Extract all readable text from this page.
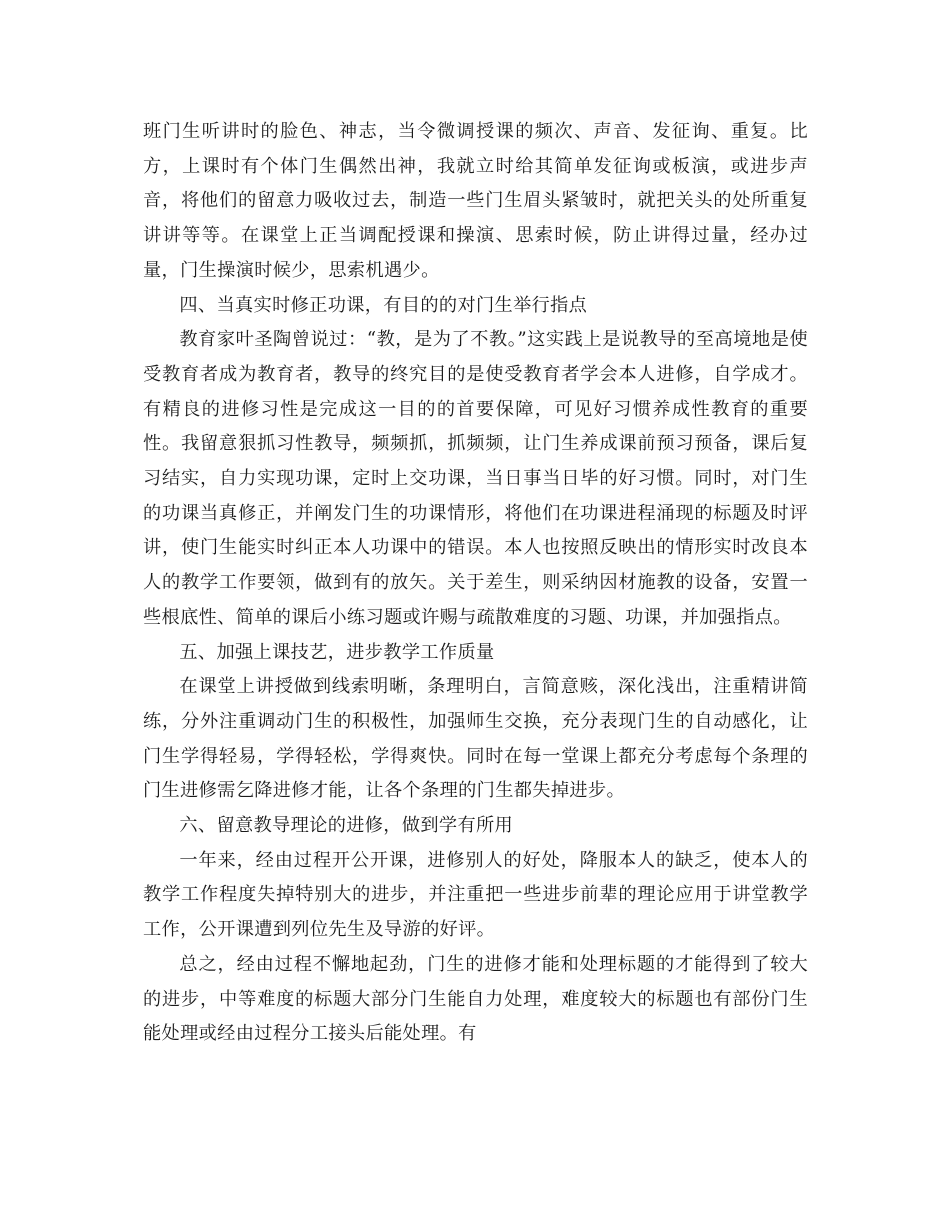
班门生听讲时的脸色、神志，当令微调授课的频次、声音、发征询、重复。比方，上课时有个体门生偶然出神，我就立时给其简单发征询或板演，或进步声音，将他们的留意力吸收过去，制造一些门生眉头紧皱时，就把关头的处所重复讲讲等等。在课堂上正当调配授课和操演、思索时候，防止讲得过量，经办过量，门生操演时候少，思索机遇少。

四、当真实时修正功课，有目的的对门生举行指点

教育家叶圣陶曾说过：“教，是为了不教。”这实践上是说教导的至高境地是使受教育者成为教育者，教导的终究目的是使受教育者学会本人进修，自学成才。有精良的进修习性是完成这一目的的首要保障，可见好习惯养成性教育的重要性。我留意狠抓习性教导，频频抓，抓频频，让门生养成课前预习预备，课后复习结实，自力实现功课，定时上交功课，当日事当日毕的好习惯。同时，对门生的功课当真修正，并阐发门生的功课情形，将他们在功课进程涌现的标题及时评讲，使门生能实时纠正本人功课中的错误。本人也按照反映出的情形实时改良本人的教学工作要领，做到有的放矢。关于差生，则采纳因材施教的设备，安置一些根底性、简单的课后小练习题或许赐与疏散难度的习题、功课，并加强指点。

五、加强上课技艺，进步教学工作质量

在课堂上讲授做到线索明晰，条理明白，言简意赅，深化浅出，注重精讲简练，分外注重调动门生的积极性，加强师生交换，充分表现门生的自动感化，让门生学得轻易，学得轻松，学得爽快。同时在每一堂课上都充分考虑每个条理的门生进修需乞降进修才能，让各个条理的门生都失掉进步。

六、留意教导理论的进修，做到学有所用

一年来，经由过程开公开课，进修别人的好处，降服本人的缺乏，使本人的教学工作程度失掉特别大的进步，并注重把一些进步前辈的理论应用于讲堂教学工作，公开课遭到列位先生及导游的好评。

总之，经由过程不懈地起劲，门生的进修才能和处理标题的才能得到了较大的进步，中等难度的标题大部分门生能自力处理，难度较大的标题也有部份门生能处理或经由过程分工接头后能处理。有
